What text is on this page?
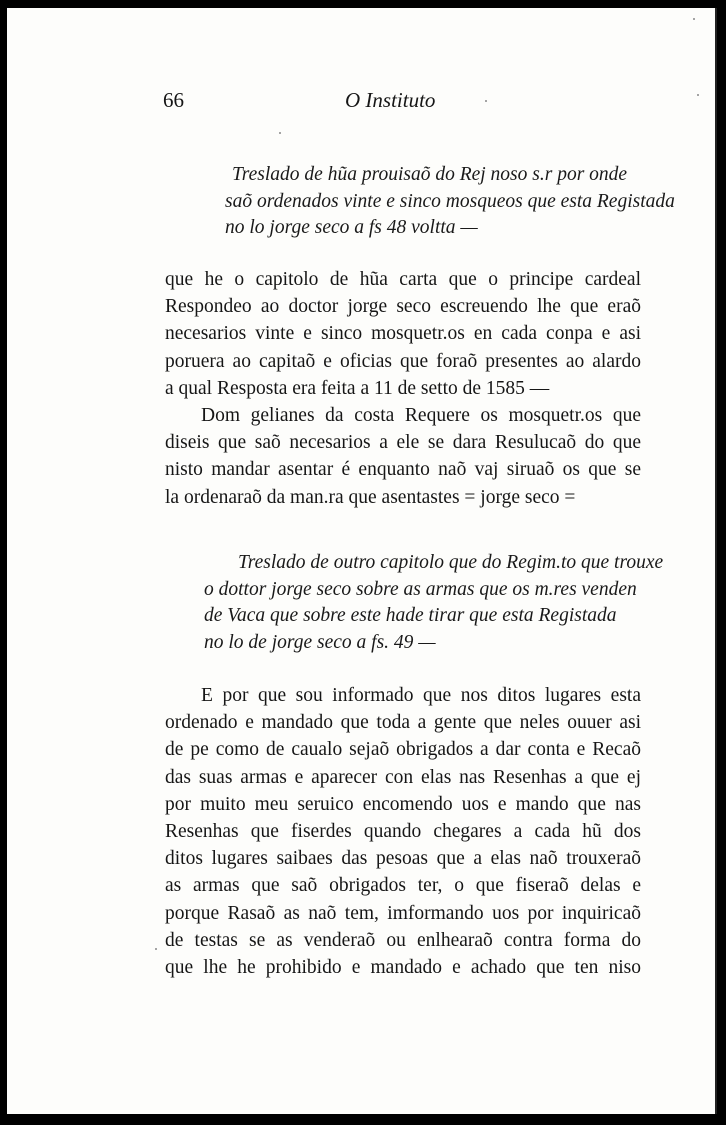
66	O Instituto
Treslado de hũa prouisaõ do Rej noso s.r por onde
saõ ordenados vinte e sinco mosqueos que esta Registada
no lo jorge seco a fs 48 voltta —
que he o capitolo de hũa carta que o principe cardeal
Respondeo ao doctor jorge seco escreuendo lhe que eraõ
necesarios vinte e sinco mosquetr.os en cada conpa e asi
poruera ao capitaõ e oficias que foraõ presentes ao alardo
a qual Resposta era feita a 11 de setto de 1585 —
Dom gelianes da costa Requere os mosquetr.os que
diseis que saõ necesarios a ele se dara Resulucaõ do que
nisto mandar asentar é enquanto naõ vaj siruaõ os que se
la ordenaraõ da man.ra que asentastes = jorge seco =
Treslado de outro capitolo que do Regim.to que trouxe
o dottor jorge seco sobre as armas que os m.res venden
de Vaca que sobre este hade tirar que esta Registada
no lo de jorge seco a fs. 49 —
E por que sou informado que nos ditos lugares esta
ordenado e mandado que toda a gente que neles ouuer asi
de pe como de caualo sejaõ obrigados a dar conta e Recaõ
das suas armas e aparecer con elas nas Resenhas a que ej
por muito meu seruico encomendo uos e mando que nas
Resenhas que fiserdes quando chegares a cada hũ dos
ditos lugares saibaes das pesoas que a elas naõ trouxeraõ
as armas que saõ obrigados ter, o que fiseraõ delas e
porque Rasaõ as naõ tem, imformando uos por inquiricaõ
de testas se as venderaõ ou enlhearaõ contra forma do
que lhe he prohibido e mandado e achado que ten niso
